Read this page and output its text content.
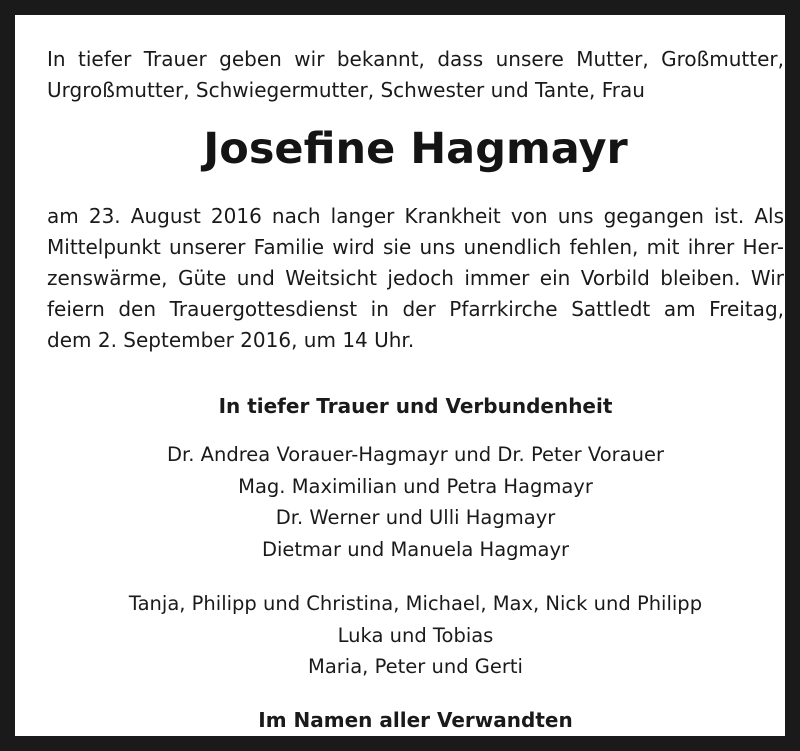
In tiefer Trauer geben wir bekannt, dass unsere Mutter, Großmutter,

Urgroßmutter, Schwiegermutter, Schwester und Tante, Frau

Josefine Hagmayr

am 23. August 2016 nach langer Krankheit von uns gegangen ist. Als

Mittelpunkt unserer Familie wird sie uns unendlich fehlen, mit ihrer Her-

zenswärme, Güte und Weitsicht jedoch immer ein Vorbild bleiben. Wir

feiern den Trauergottesdienst in der Pfarrkirche Sattledt am Freitag,

dem 2. September 2016, um 14 Uhr.

In tiefer Trauer und Verbundenheit
Dr. Andrea Vorauer-Hagmayr und Dr. Peter Vorauer
Mag. Maximilian und Petra Hagmayr
Dr. Werner und Ulli Hagmayr
Dietmar und Manuela Hagmayr
Tanja, Philipp und Christina, Michael, Max, Nick und Philipp
Luka und Tobias
Maria, Peter und Gerti
Im Namen aller Verwandten
